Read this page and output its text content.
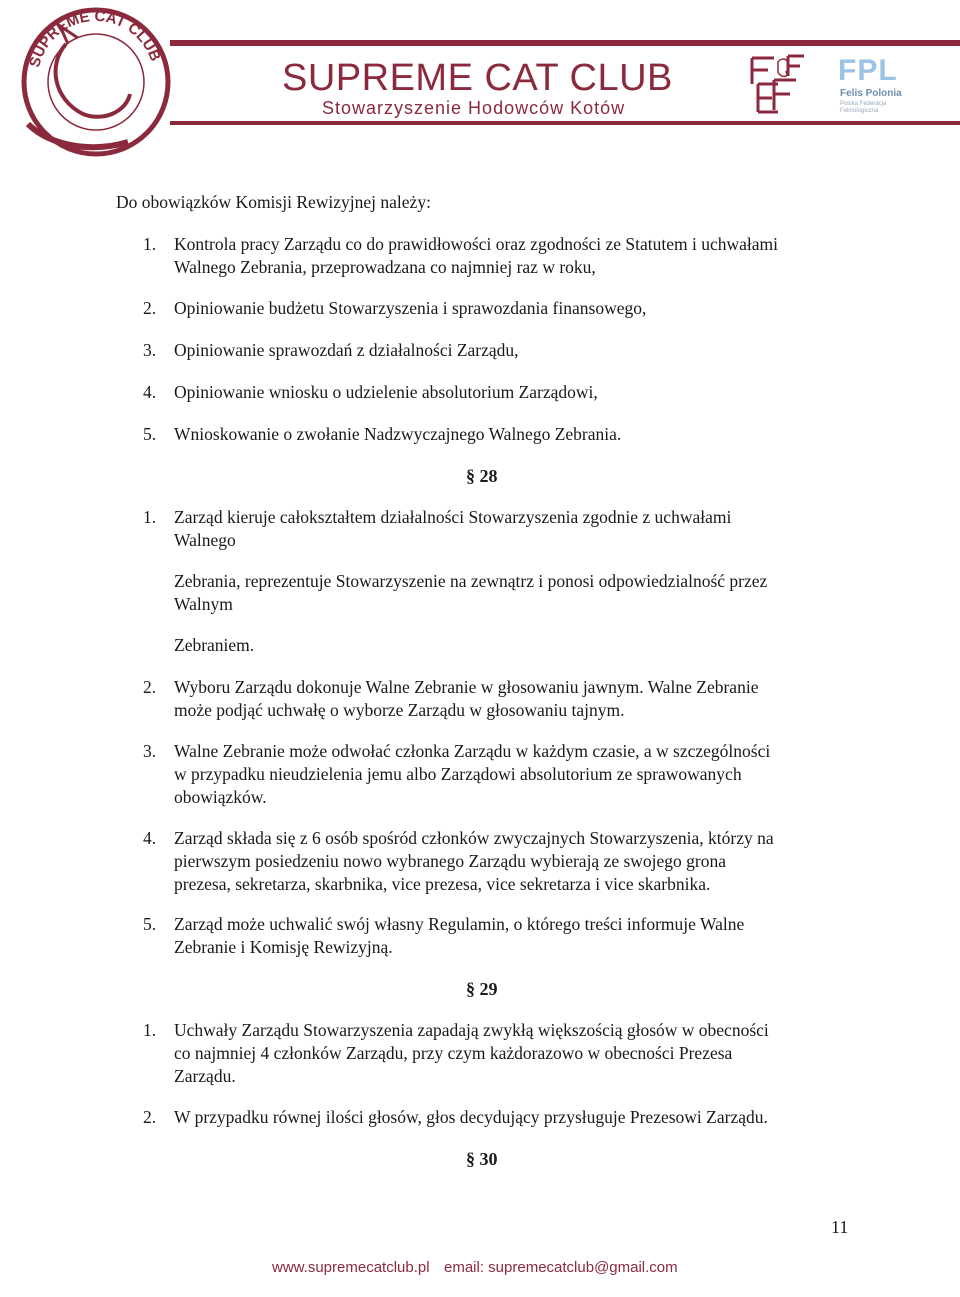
SUPREME CAT CLUB
SUPREME CAT CLUB
Stowarzyszenie Hodowców Kotów
FPL
Felis Polonia
Polska Federacja
Felinologiczna
Do obowiązków Komisji Rewizyjnej należy:
1. Kontrola pracy Zarządu co do prawidłowości oraz zgodności ze Statutem i uchwałami
Walnego Zebrania, przeprowadzana co najmniej raz w roku,
2. Opiniowanie budżetu Stowarzyszenia i sprawozdania finansowego,
3. Opiniowanie sprawozdań z działalności Zarządu,
4. Opiniowanie wniosku o udzielenie absolutorium Zarządowi,
5. Wnioskowanie o zwołanie Nadzwyczajnego Walnego Zebrania.
§ 28
1. Zarząd kieruje całokształtem działalności Stowarzyszenia zgodnie z uchwałami
Walnego
Zebrania, reprezentuje Stowarzyszenie na zewnątrz i ponosi odpowiedzialność przez
Walnym
Zebraniem.
2. Wyboru Zarządu dokonuje Walne Zebranie w głosowaniu jawnym. Walne Zebranie
może podjąć uchwałę o wyborze Zarządu w głosowaniu tajnym.
3. Walne Zebranie może odwołać członka Zarządu w każdym czasie, a w szczególności
w przypadku nieudzielenia jemu albo Zarządowi absolutorium ze sprawowanych
obowiązków.
4. Zarząd składa się z 6 osób spośród członków zwyczajnych Stowarzyszenia, którzy na
pierwszym posiedzeniu nowo wybranego Zarządu wybierają ze swojego grona
prezesa, sekretarza, skarbnika, vice prezesa, vice sekretarza i vice skarbnika.
5. Zarząd może uchwalić swój własny Regulamin, o którego treści informuje Walne
Zebranie i Komisję Rewizyjną.
§ 29
1. Uchwały Zarządu Stowarzyszenia zapadają zwykłą większością głosów w obecności
co najmniej 4 członków Zarządu, przy czym każdorazowo w obecności Prezesa
Zarządu.
2. W przypadku równej ilości głosów, głos decydujący przysługuje Prezesowi Zarządu.
§ 30
11
www.supremecatclub.pl email: supremecatclub@gmail.com
